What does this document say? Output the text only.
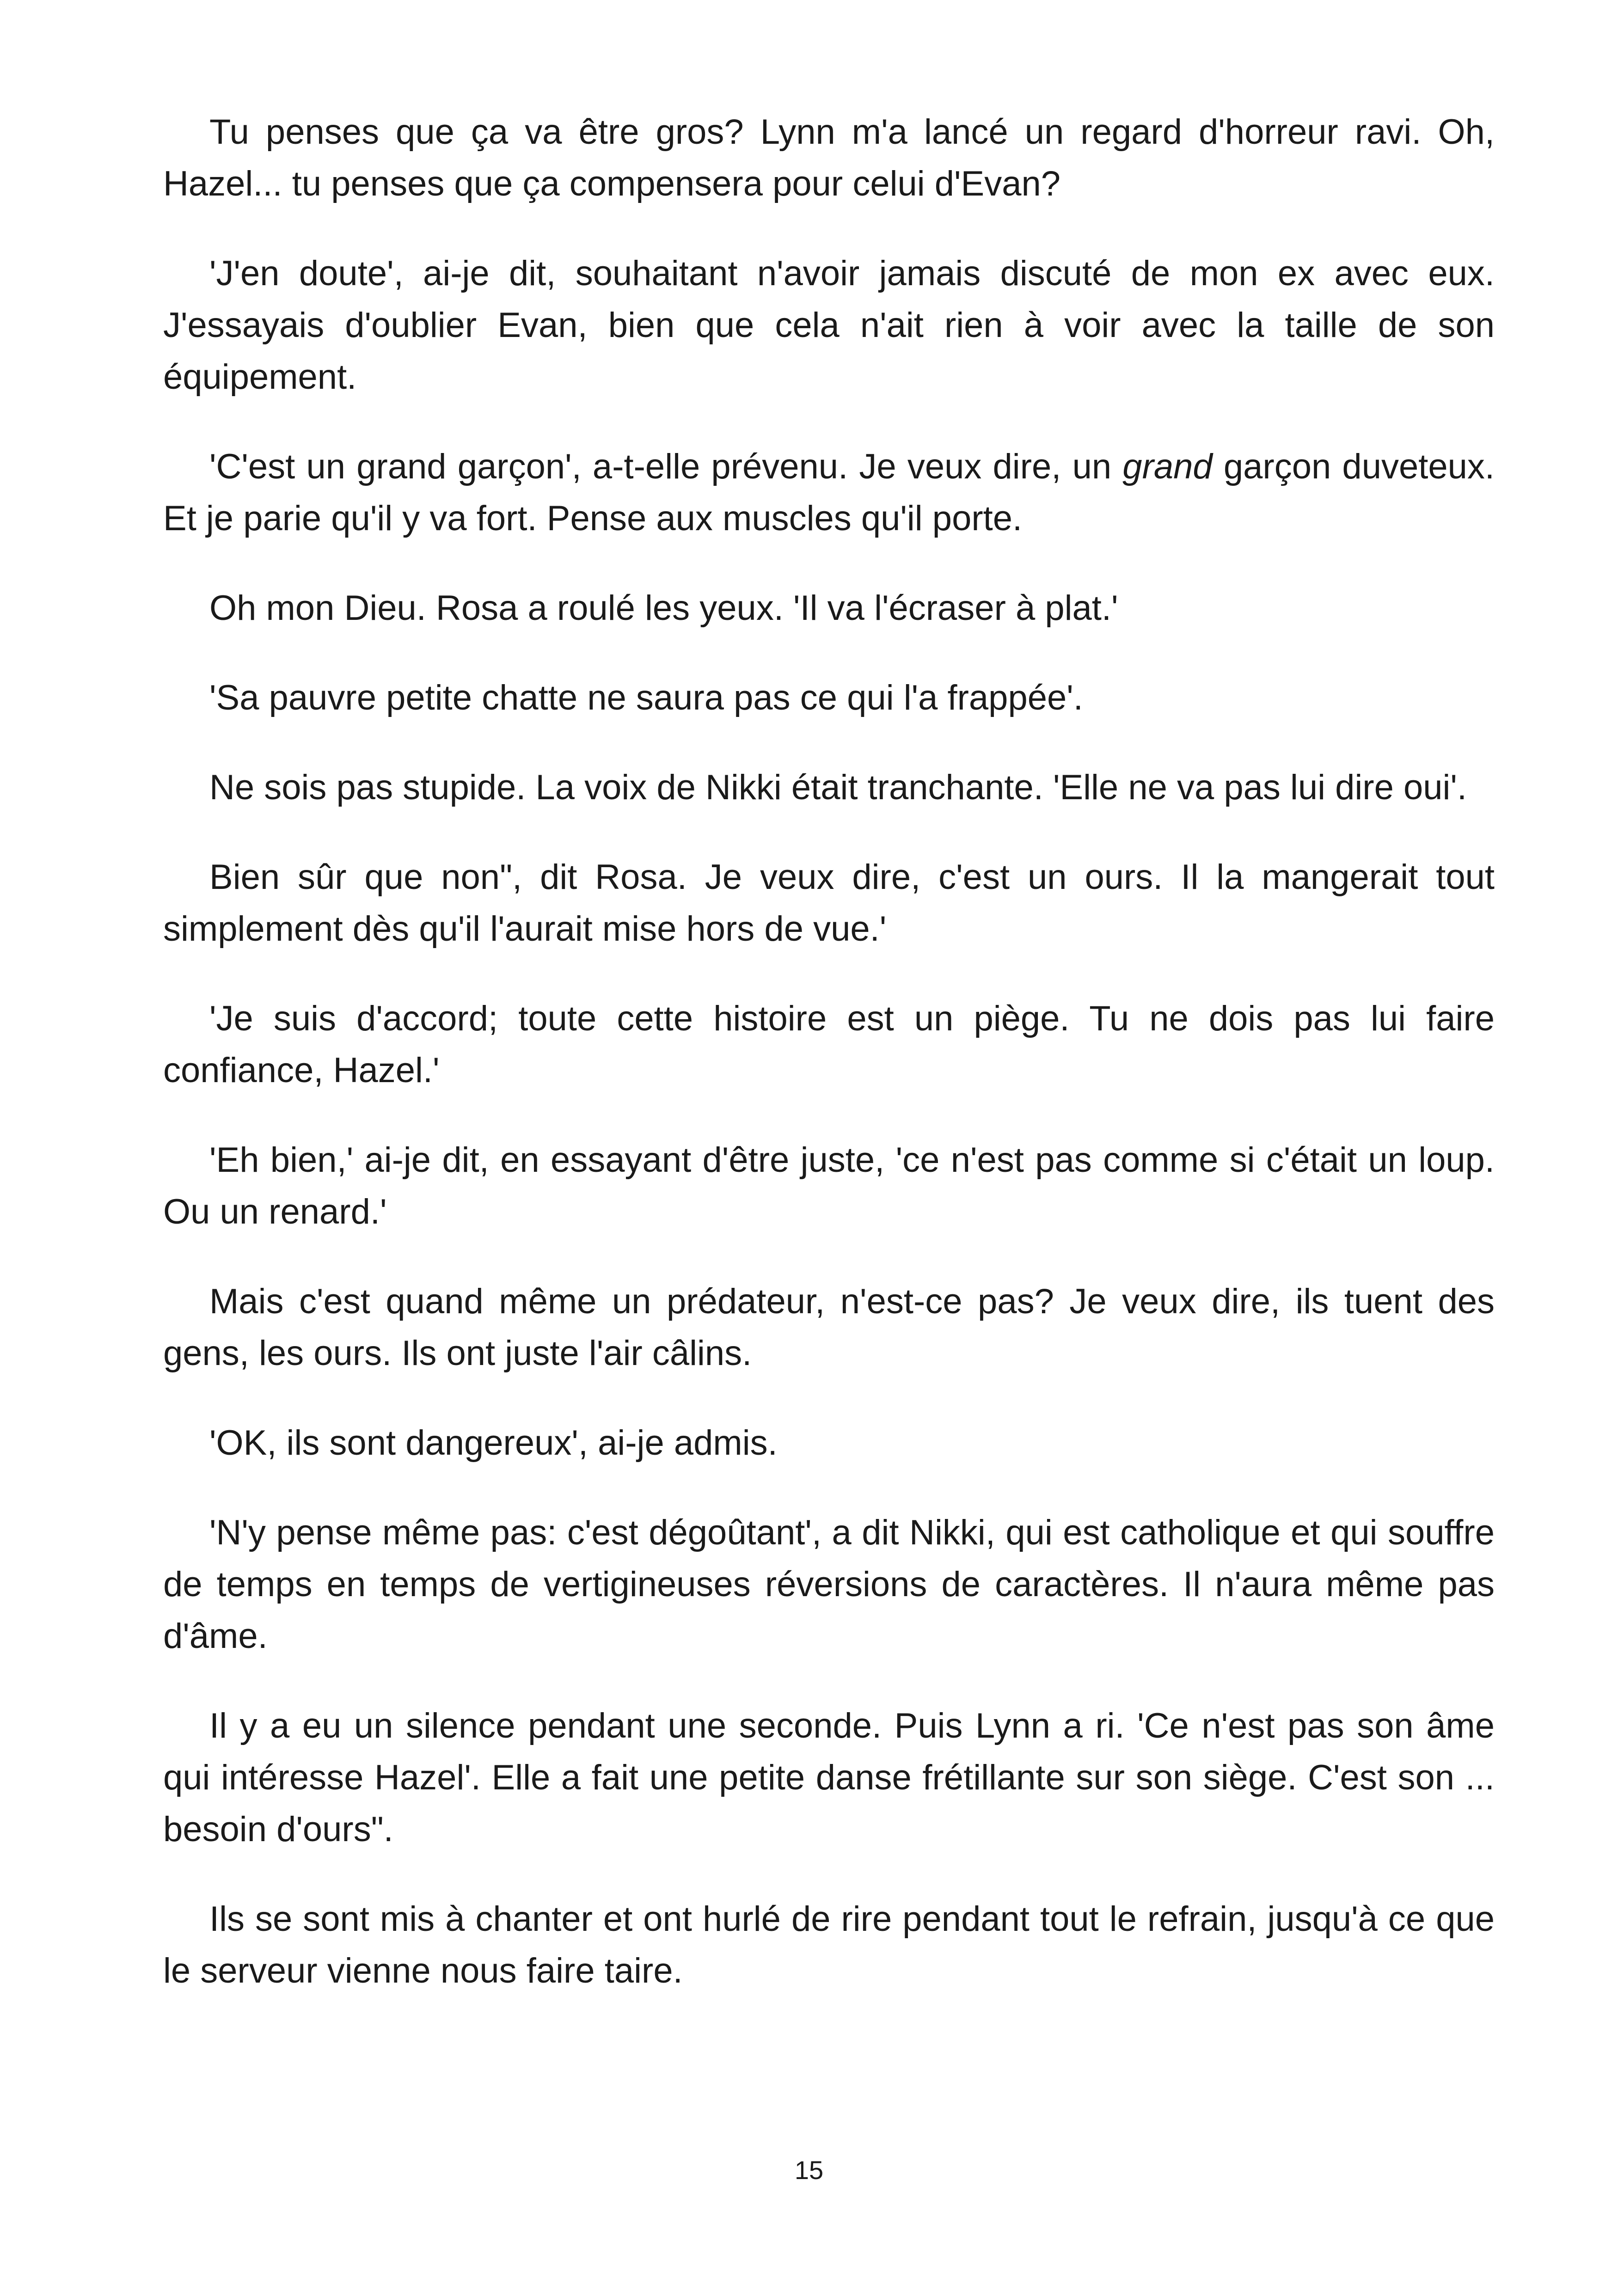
Tu penses que ça va être gros? Lynn m'a lancé un regard d'horreur ravi. Oh, Hazel... tu penses que ça compensera pour celui d'Evan?

'J'en doute', ai-je dit, souhaitant n'avoir jamais discuté de mon ex avec eux. J'essayais d'oublier Evan, bien que cela n'ait rien à voir avec la taille de son équipement.

'C'est un grand garçon', a-t-elle prévenu. Je veux dire, un grand garçon duveteux. Et je parie qu'il y va fort. Pense aux muscles qu'il porte.

Oh mon Dieu. Rosa a roulé les yeux. 'Il va l'écraser à plat.'

'Sa pauvre petite chatte ne saura pas ce qui l'a frappée'.

Ne sois pas stupide. La voix de Nikki était tranchante. 'Elle ne va pas lui dire oui'.

Bien sûr que non", dit Rosa. Je veux dire, c'est un ours. Il la mangerait tout simplement dès qu'il l'aurait mise hors de vue.'

'Je suis d'accord; toute cette histoire est un piège. Tu ne dois pas lui faire confiance, Hazel.'

'Eh bien,' ai-je dit, en essayant d'être juste, 'ce n'est pas comme si c'était un loup. Ou un renard.'

Mais c'est quand même un prédateur, n'est-ce pas? Je veux dire, ils tuent des gens, les ours. Ils ont juste l'air câlins.

'OK, ils sont dangereux', ai-je admis.

'N'y pense même pas: c'est dégoûtant', a dit Nikki, qui est catholique et qui souffre de temps en temps de vertigineuses réversions de caractères. Il n'aura même pas d'âme.

Il y a eu un silence pendant une seconde. Puis Lynn a ri. 'Ce n'est pas son âme qui intéresse Hazel'. Elle a fait une petite danse frétillante sur son siège. C'est son ... besoin d'ours".

Ils se sont mis à chanter et ont hurlé de rire pendant tout le refrain, jusqu'à ce que le serveur vienne nous faire taire.

15
